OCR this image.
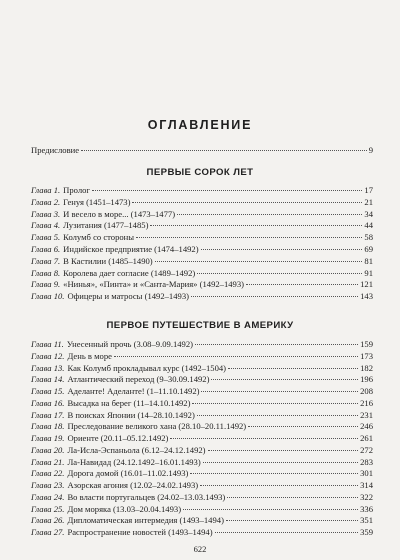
ОГЛАВЛЕНИЕ
Предисловие	9
ПЕРВЫЕ СОРОК ЛЕТ
Глава 1. Пролог	17
Глава 2. Генуя (1451–1473)	21
Глава 3. И весело в море... (1473–1477)	34
Глава 4. Лузитания (1477–1485)	44
Глава 5. Колумб со стороны	58
Глава 6. Индийское предприятие (1474–1492)	69
Глава 7. В Кастилии (1485–1490)	81
Глава 8. Королева дает согласие (1489–1492)	91
Глава 9. «Нинья», «Пинта» и «Санта-Мария» (1492–1493)	121
Глава 10. Офицеры и матросы (1492–1493)	143
ПЕРВОЕ ПУТЕШЕСТВИЕ В АМЕРИКУ
Глава 11. Унесенный прочь (3.08–9.09.1492)	159
Глава 12. День в море	173
Глава 13. Как Колумб прокладывал курс (1492–1504)	182
Глава 14. Атлантический переход (9–30.09.1492)	196
Глава 15. Аделанте! Аделанте! (1–11.10.1492)	208
Глава 16. Высадка на берег (11–14.10.1492)	216
Глава 17. В поисках Японии (14–28.10.1492)	231
Глава 18. Преследование великого хана (28.10–20.11.1492)	246
Глава 19. Ориенте (20.11–05.12.1492)	261
Глава 20. Ла-Исла-Эспаньола (6.12–24.12.1492)	272
Глава 21. Ла-Навидад (24.12.1492–16.01.1493)	283
Глава 22. Дорога домой (16.01–11.02.1493)	301
Глава 23. Азорская агония (12.02–24.02.1493)	314
Глава 24. Во власти португальцев (24.02–13.03.1493)	322
Глава 25. Дом моряка (13.03–20.04.1493)	336
Глава 26. Дипломатическая интермедия (1493–1494)	351
Глава 27. Распространение новостей (1493–1494)	359
622
